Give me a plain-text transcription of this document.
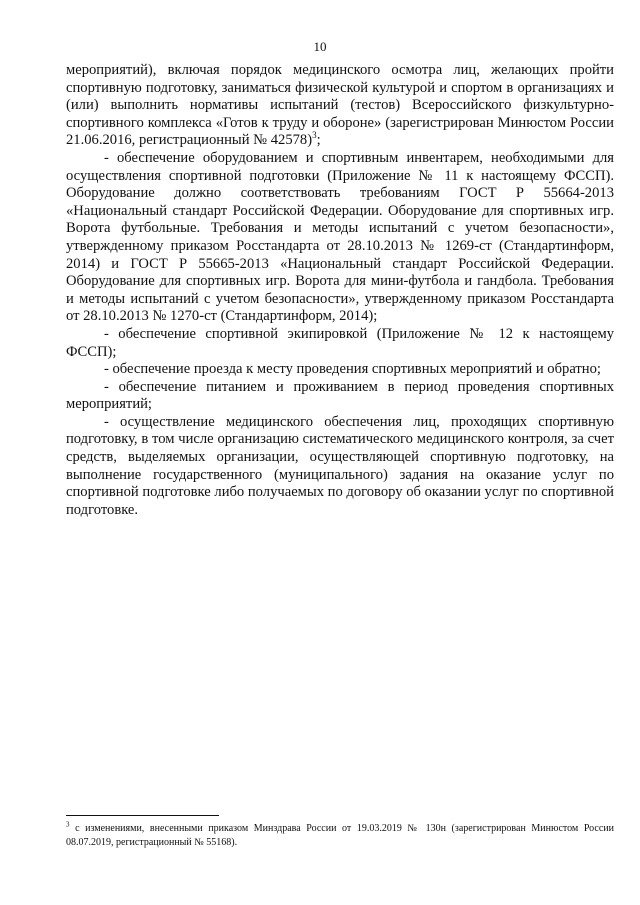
10

мероприятий), включая порядок медицинского осмотра лиц, желающих пройти спортивную подготовку, заниматься физической культурой и спортом в организациях и (или) выполнить нормативы испытаний (тестов) Всероссийского физкультурно-спортивного комплекса «Готов к труду и обороне» (зарегистрирован Минюстом России 21.06.2016, регистрационный № 42578)$^3$;

- обеспечение оборудованием и спортивным инвентарем, необходимыми для осуществления спортивной подготовки (Приложение № 11 к настоящему ФССП). Оборудование должно соответствовать требованиям ГОСТ Р 55664-2013 «Национальный стандарт Российской Федерации. Оборудование для спортивных игр. Ворота футбольные. Требования и методы испытаний с учетом безопасности», утвержденному приказом Росстандарта от 28.10.2013 № 1269-ст (Стандартинформ, 2014) и ГОСТ Р 55665-2013 «Национальный стандарт Российской Федерации. Оборудование для спортивных игр. Ворота для мини-футбола и гандбола. Требования и методы испытаний с учетом безопасности», утвержденному приказом Росстандарта от 28.10.2013 № 1270-ст (Стандартинформ, 2014);

- обеспечение спортивной экипировкой (Приложение № 12 к настоящему ФССП);

- обеспечение проезда к месту проведения спортивных мероприятий и обратно;

- обеспечение питанием и проживанием в период проведения спортивных мероприятий;

- осуществление медицинского обеспечения лиц, проходящих спортивную подготовку, в том числе организацию систематического медицинского контроля, за счет средств, выделяемых организации, осуществляющей спортивную подготовку, на выполнение государственного (муниципального) задания на оказание услуг по спортивной подготовке либо получаемых по договору об оказании услуг по спортивной подготовке.

$^3$ с изменениями, внесенными приказом Минздрава России от 19.03.2019 № 130н (зарегистрирован Минюстом России 08.07.2019, регистрационный № 55168).
